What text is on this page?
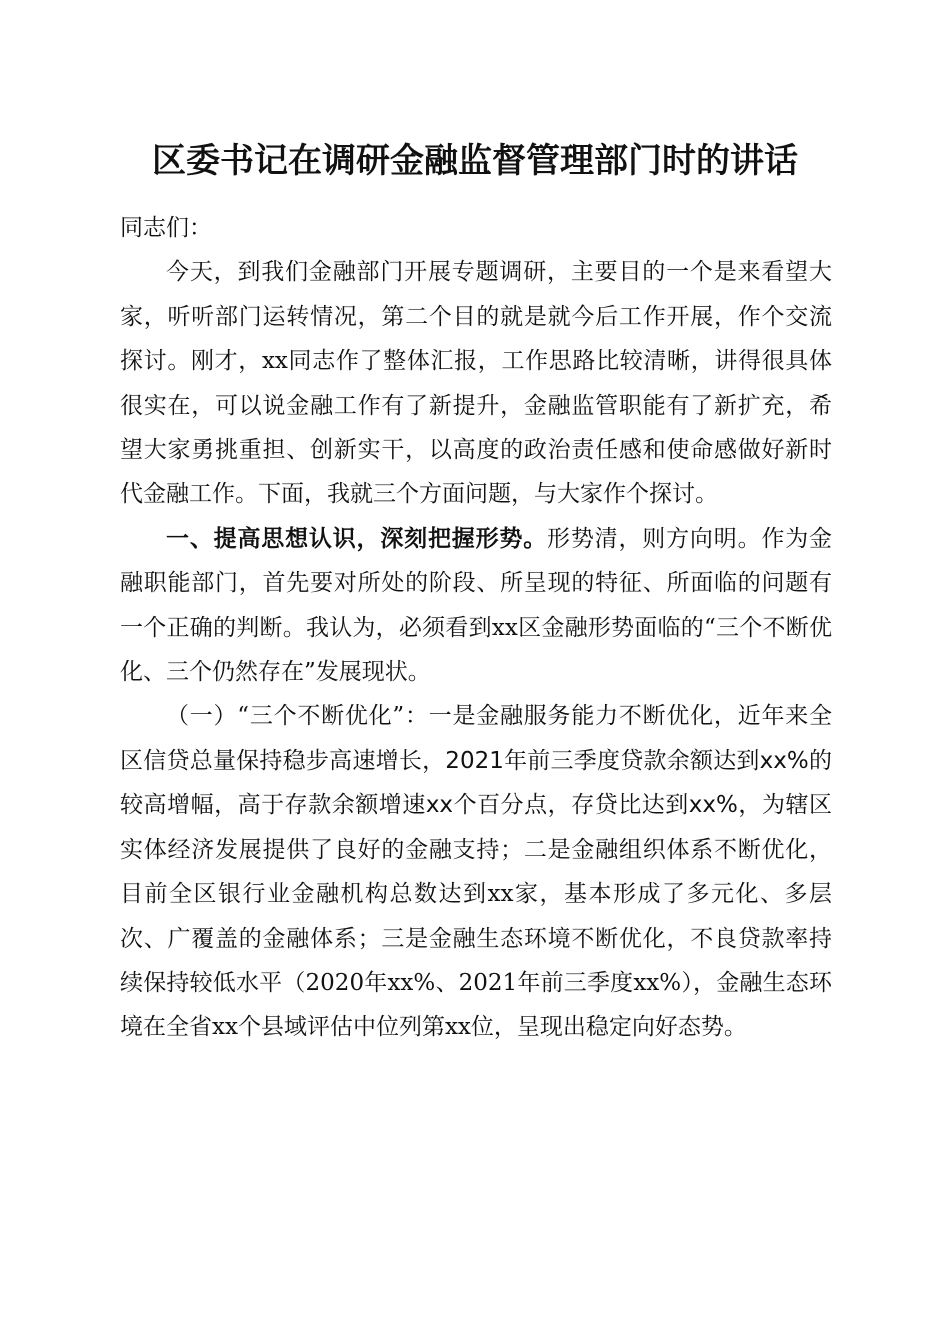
区委书记在调研金融监督管理部门时的讲话

同志们：

今天，到我们金融部门开展专题调研，主要目的一个是来看望大家，听听部门运转情况，第二个目的就是就今后工作开展，作个交流探讨。刚才，xx同志作了整体汇报，工作思路比较清晰，讲得很具体很实在，可以说金融工作有了新提升，金融监管职能有了新扩充，希望大家勇挑重担、创新实干，以高度的政治责任感和使命感做好新时代金融工作。下面，我就三个方面问题，与大家作个探讨。

一、提高思想认识，深刻把握形势。形势清，则方向明。作为金融职能部门，首先要对所处的阶段、所呈现的特征、所面临的问题有一个正确的判断。我认为，必须看到xx区金融形势面临的“三个不断优化、三个仍然存在”发展现状。

（一）“三个不断优化”：一是金融服务能力不断优化，近年来全区信贷总量保持稳步高速增长，2021年前三季度贷款余额达到xx%的较高增幅，高于存款余额增速xx个百分点，存贷比达到xx%，为辖区实体经济发展提供了良好的金融支持；二是金融组织体系不断优化，目前全区银行业金融机构总数达到xx家，基本形成了多元化、多层次、广覆盖的金融体系；三是金融生态环境不断优化，不良贷款率持续保持较低水平（2020年xx%、2021年前三季度xx%），金融生态环境在全省xx个县域评估中位列第xx位，呈现出稳定向好态势。
